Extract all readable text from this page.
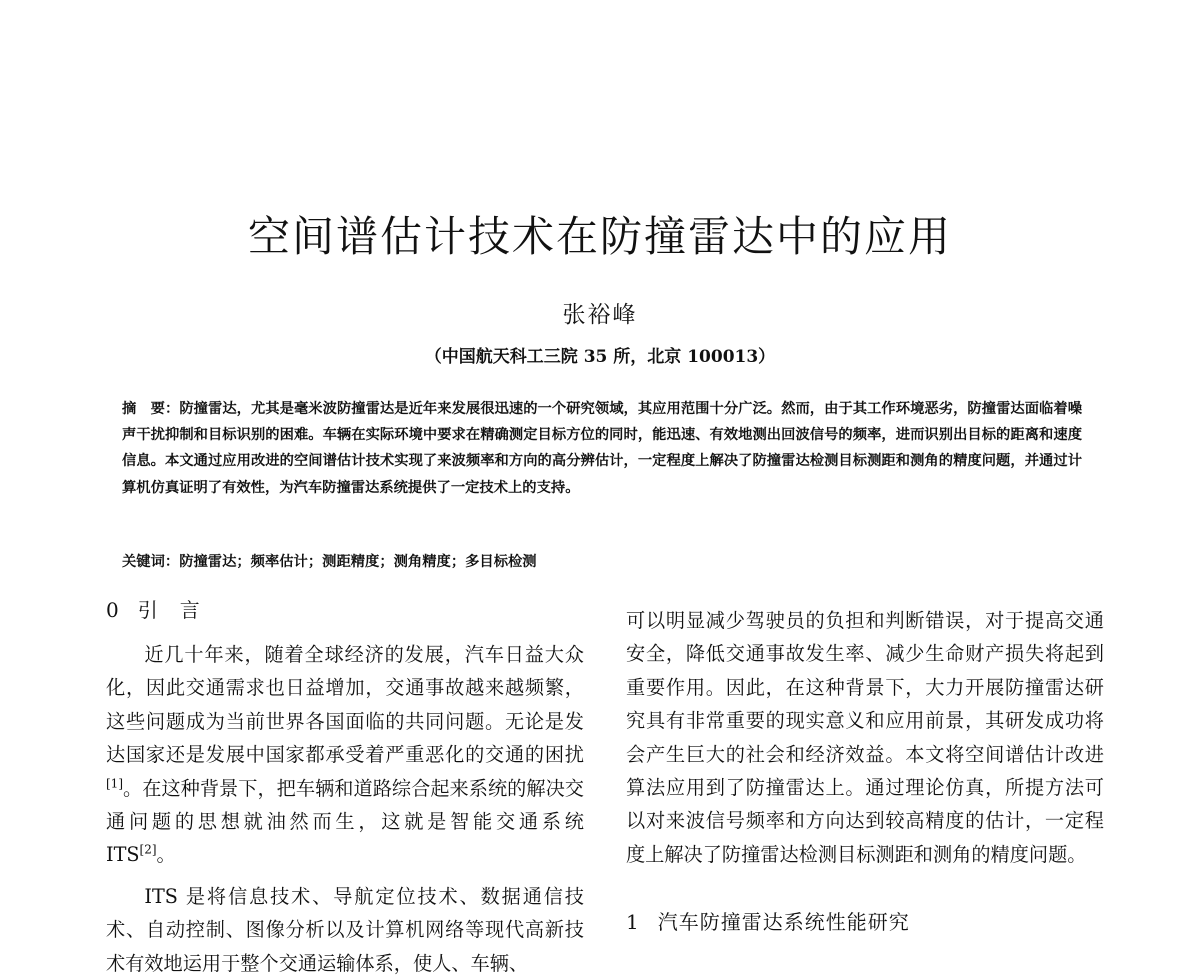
空间谱估计技术在防撞雷达中的应用
张裕峰
（中国航天科工三院 35 所，北京 100013）
摘　要：防撞雷达，尤其是毫米波防撞雷达是近年来发展很迅速的一个研究领域，其应用范围十分广泛。然而，由于其工作环境恶劣，防撞雷达面临着噪声干扰抑制和目标识别的困难。车辆在实际环境中要求在精确测定目标方位的同时，能迅速、有效地测出回波信号的频率，进而识别出目标的距离和速度信息。本文通过应用改进的空间谱估计技术实现了来波频率和方向的高分辨估计，一定程度上解决了防撞雷达检测目标测距和测角的精度问题，并通过计算机仿真证明了有效性，为汽车防撞雷达系统提供了一定技术上的支持。
关键词：防撞雷达 ； 频率估计 ； 测距精度 ； 测角精度 ； 多目标检测
0 引　言

近几十年来，随着全球经济的发展，汽车日益大众化，因此交通需求也日益增加，交通事故越来越频繁，这些问题成为当前世界各国面临的共同问题。无论是发达国家还是发展中国家都承受着严重恶化的交通的困扰 [1]。在这种背景下，把车辆和道路综合起来系统的解决交通问题的思想就油然而生，这就是智能交通系统 ITS[2]。

ITS 是将信息技术、导航定位技术、数据通信技术、自动控制、图像分析以及计算机网络等现代高新技术有效地运用于整个交通运输体系，使人、车辆、

可以明显减少驾驶员的负担和判断错误，对于提高交通安全，降低交通事故发生率、减少生命财产损失将起到重要作用。因此，在这种背景下，大力开展防撞雷达研究具有非常重要的现实意义和应用前景，其研发成功将会产生巨大的社会和经济效益。本文将空间谱估计改进算法应用到了防撞雷达上。通过理论仿真，所提方法可以对来波信号频率和方向达到较高精度的估计，一定程度上解决了防撞雷达检测目标测距和测角的精度问题。

1 汽车防撞雷达系统性能研究
